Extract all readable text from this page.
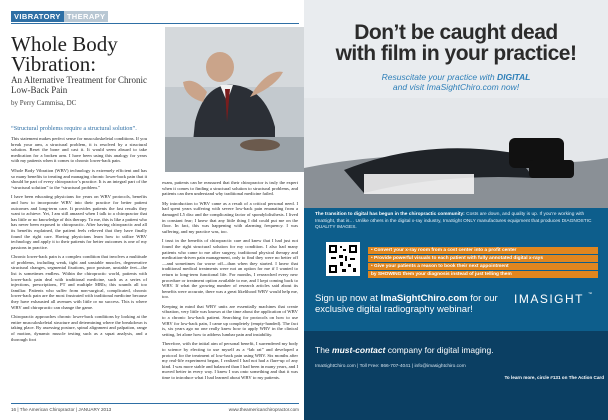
VIBRATORY THERAPY
Whole Body Vibration:
An Alternative Treatment for Chronic Low-Back Pain
by Perry Cammisa, DC

“Structural problems require a structural solution”.

This statement makes perfect sense for musculoskeletal conditions. If you break your arm, a structural problem, it is resolved by a structural solution. Reset the bone and cast it. It would seem absurd to take medication for a broken arm. I have been using this analogy for years with my patients when it comes to chronic lower-back pain.

Whole Body Vibration (WBV) technology is extremely efficient and has so many benefits to treating and managing chronic lower-back pain that it should be part of every chiropractor’s practice. It is an integral part of the “structural solution” to the “structural problem.”

I have been educating physicians for years on WBV protocols, benefits and how to incorporate WBV into their practice for better patient outcomes and long-term care. It provides patients the fast results they want to achieve. Yet, I am still amazed when I talk to a chiropractor that has little or no knowledge of this therapy. To me, this is like a patient who has never been exposed to chiropractic. After having chiropractic and all its benefits explained, the patient feels relieved that they have finally found the right care. Having physicians learn how to utilize WBV technology and apply it to their patients for better outcomes is one of my passions in practice.

Chronic lower-back pain is a complex condition that involves a multitude of problems, including weak, tight and unstable muscles, degenerative structural changes, segmental fixations, poor posture, unstable feet—the list is sometimes endless. Within the chiropractic world, patients with lower-back pain deal with traditional medicine, such as a series of injections, prescriptions, PT and multiple MRIs; this sounds all too familiar. Patients who suffer from non-surgical, complicated, chronic lower-back pain are the most frustrated with traditional medicine because they have exhausted all avenues with little or no success. This is where WBV and chiropractic can change the game.

Chiropractic approaches chronic lower-back conditions by looking at the entire musculoskeletal structure and determining where the breakdown is taking place. By assessing posture, spinal alignment and palpation, range of motion, dynamic muscle testing such as a squat analysis, and a thorough foot

exam, patients can be reassured that their chiropractor is truly the expert when it comes to finding a structural solution to structural problems, and patients can then understand why traditional medicine failed.

My introduction to WBV came as a result of a critical personal need. I had spent years suffering with severe low-back pain emanating from a damaged L5 disc and the complicating factor of spondylolisthesis. I lived in constant fear; I knew that any little thing I did could put me on the floor. In fact, this was happening with alarming frequency. I was suffering, and my practice was, too.

I trust in the benefits of chiropractic care and knew that I had just not found the right structural solution for my condition. I also had many patients who came to me after surgery, traditional physical therapy and medication-driven pain management, only to find they were no better off—and sometimes far worse off—than when they started. I knew that traditional medical treatments were not an option for me if I wanted to return to long-term functional life. For months, I researched every new procedure or treatment option available to me, and I kept coming back to WBV. If what the growing number of research articles said about its benefits were accurate, there was a great likelihood WBV would help me, too.

Keeping in mind that WBV units are essentially machines that create vibration, very little was known at the time about the application of WBV to a chronic low-back patient. Searching for protocols on how to use WBV for low-back pain, I came up completely (empty-handed). The fact is, six years ago no one really knew how to apply WBV in the clinical setting, let alone how to address lumbar pain and instability.

Therefore, with the initial aim of personal benefit, I surrendered my body to science by electing to use myself as a “lab rat” and developed a protocol for the treatment of low-back pain using WBV. Six months after my real-life experiment began, I realized I had not had a flare-up of any kind. I was more stable and balanced than I had been in many years, and I moved better in every way. I knew I was onto something and that it was time to introduce what I had learned about WBV to my patients.

16 | The American Chiropractor | JANUARY 2013	www.theamericanchiropractor.com
Don’t be caught dead
with film in your practice!
Resuscitate your practice with DIGITAL
and visit ImaSightChiro.com now!
The transition to digital has begun in the chiropractic community: Costs are down, and quality is up. If you’re working with ImaSight, that is… Unlike others in the digital x-ray industry, ImaSight ONLY manufactures equipment that produces DIAGNOSTIC QUALITY IMAGES.
• Convert your x-ray room from a cost center into a profit center
• Provide powerful visuals to each patient with fully annotated digital x-rays
• Give your patients a reason to book their next appointment
by SHOWING them your diagnosis instead of just telling them
Sign up now at ImaSightChiro.com for our
exclusive digital radiography webinar!
IMASIGHT ™
The must-contact company for digital imaging.
ImaSightChiro.com | Toll Free: 866-707-4041 | info@imasightchiro.com
To learn more, circle #131 on The Action Card
